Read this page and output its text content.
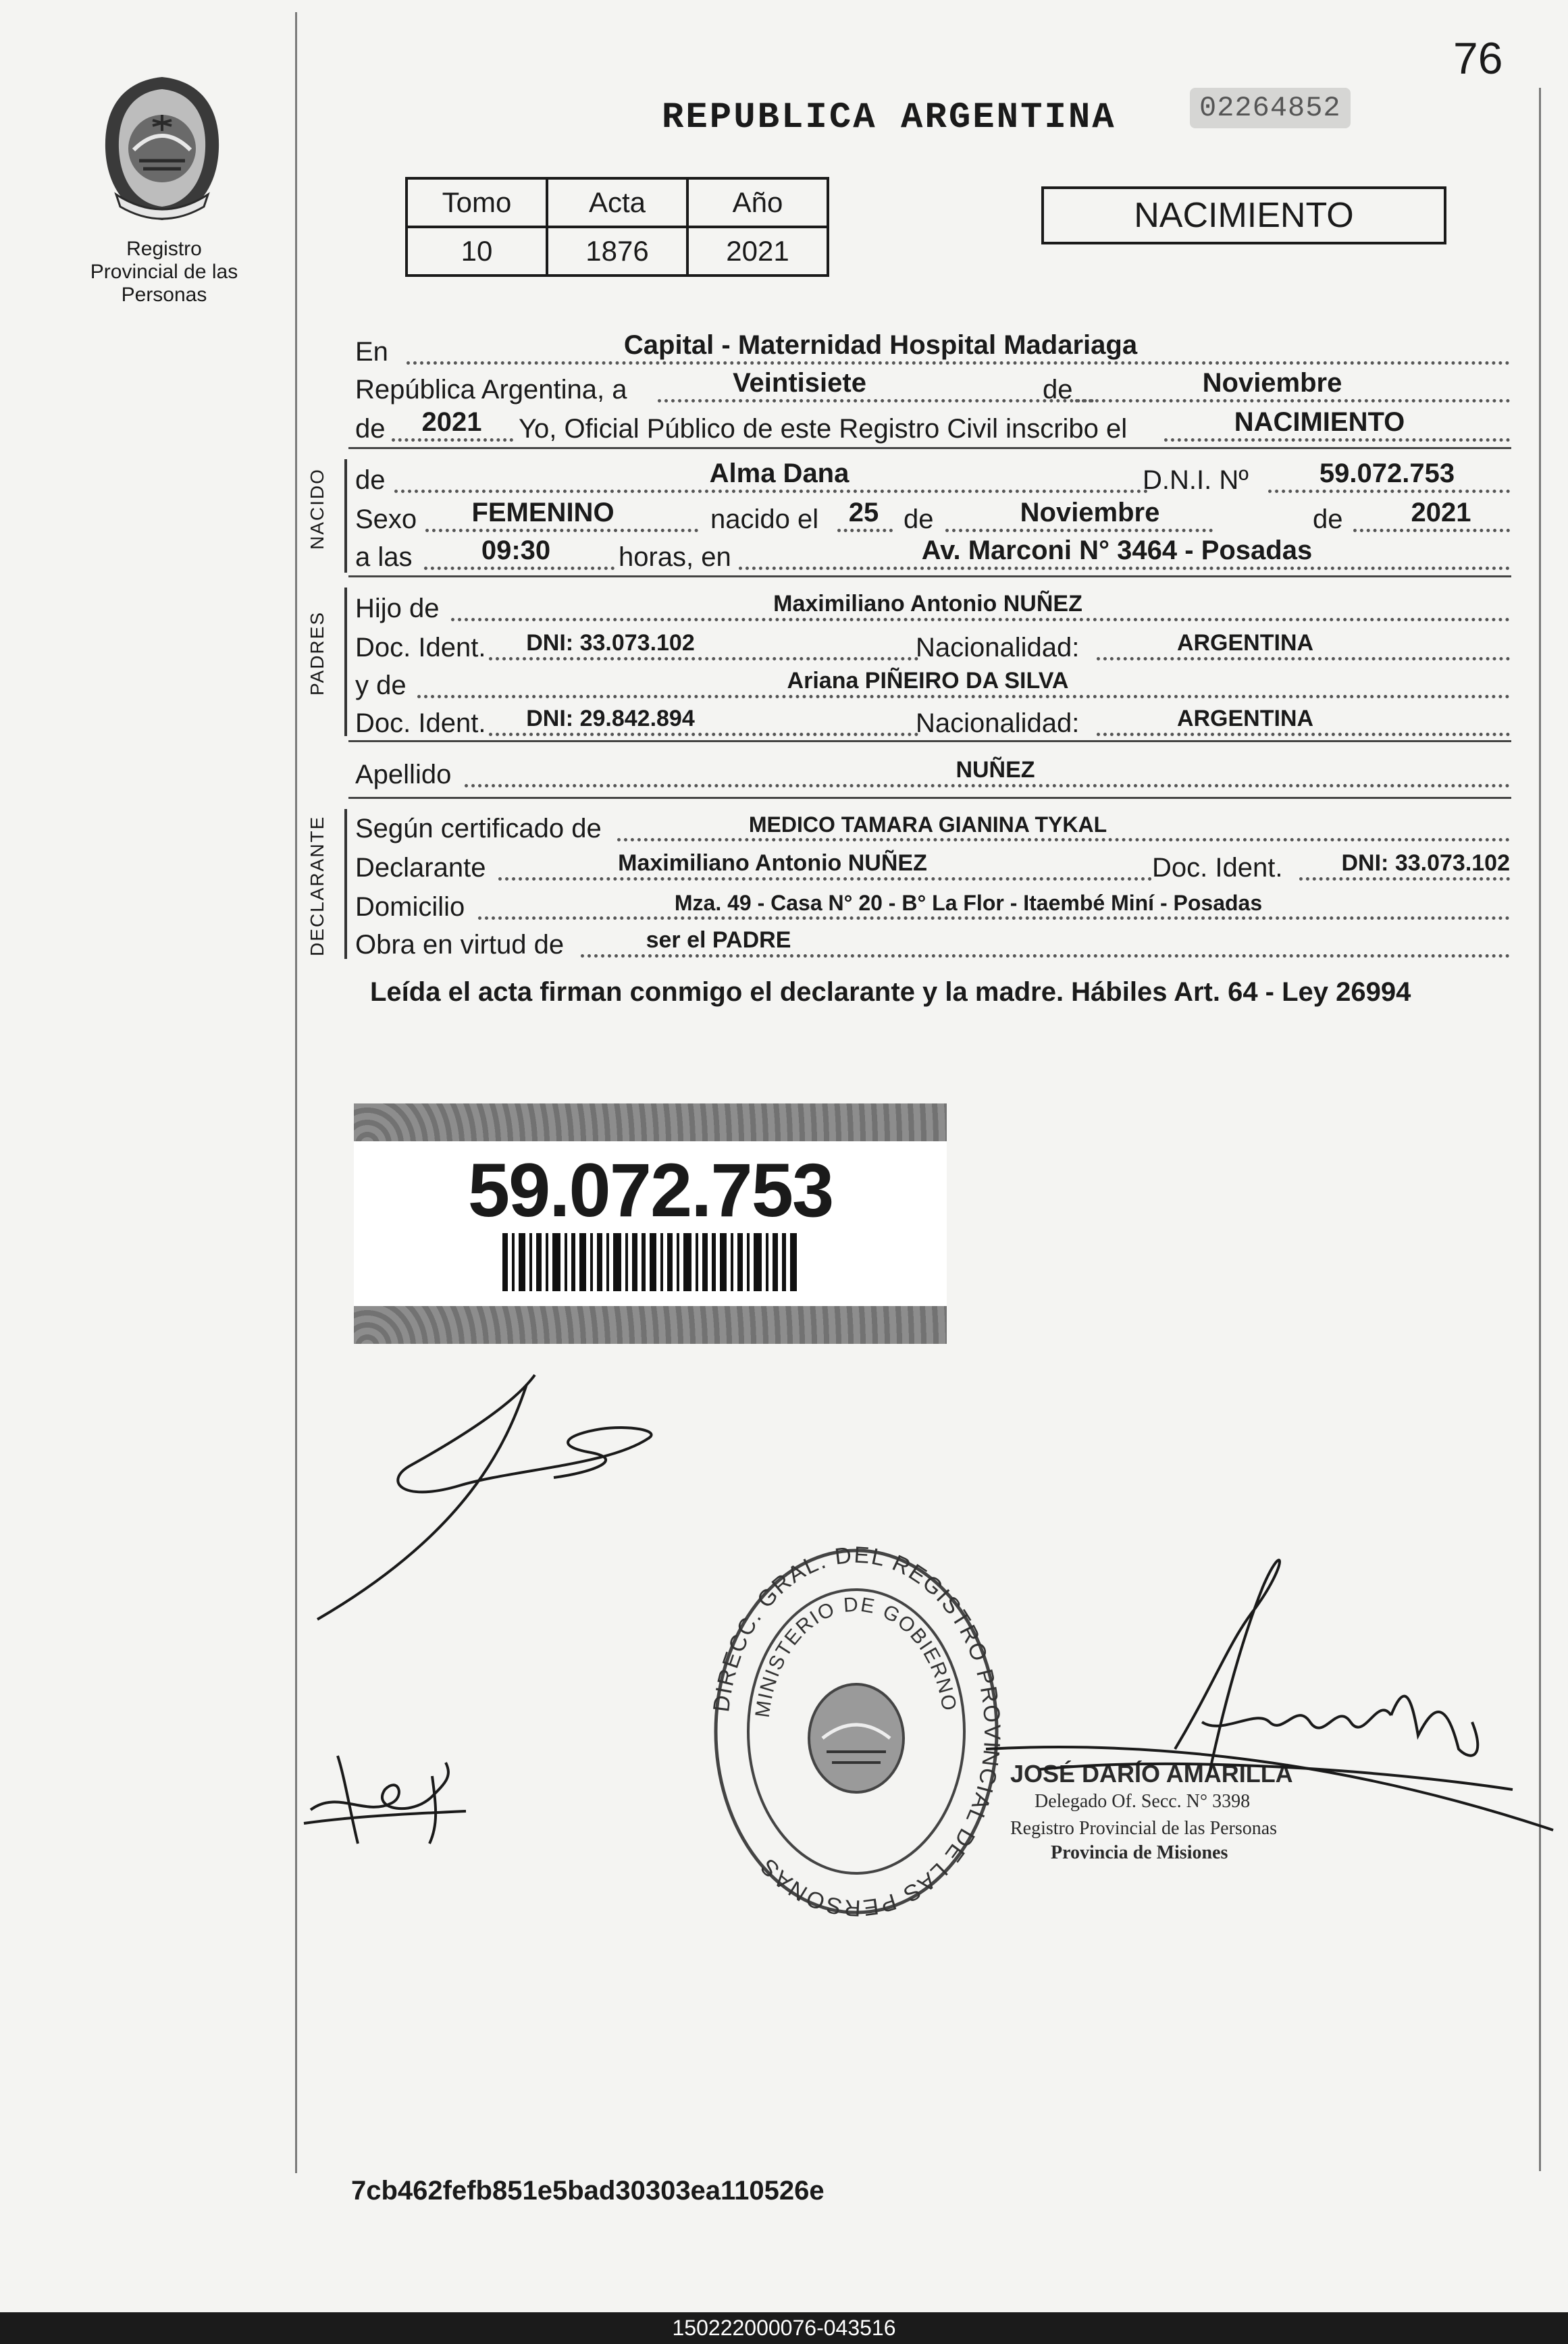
76
Registro Provincial de las Personas
REPUBLICA ARGENTINA	02264852
Tomo	Acta	Año
10	1876	2021
NACIMIENTO
En	Capital - Maternidad Hospital Madariaga
República Argentina, a	Veintisiete	de	Noviembre
de	2021	Yo, Oficial Público de este Registro Civil inscribo el	NACIMIENTO
NACIDO de	Alma Dana	D.N.I. Nº	59.072.753
Sexo	FEMENINO	nacido el	25 de	Noviembre	de	2021
a las	09:30	horas, en	Av. Marconi N° 3464 - Posadas
PADRES
Hijo de	Maximiliano Antonio NUÑEZ
Doc. Ident.	DNI: 33.073.102	Nacionalidad:	ARGENTINA
y de	Ariana PIÑEIRO DA SILVA
Doc. Ident.	DNI: 29.842.894	Nacionalidad:	ARGENTINA
Apellido	NUÑEZ
DECLARANTE Según certificado de	MEDICO TAMARA GIANINA TYKAL
Declarante	Maximiliano Antonio NUÑEZ	Doc. Ident.	DNI: 33.073.102
Domicilio	Mza. 49 - Casa N° 20 - B° La Flor - Itaembé Miní - Posadas
Obra en virtud de	ser el PADRE
Leída el acta firman conmigo el declarante y la madre. Hábiles Art. 64 - Ley 26994
59.072.753
DIRECC. GRAL. DEL REGISTRO PROVINCIAL DE LAS PERSONAS
MINISTERIO DE GOBIERNO
JOSÉ DARÍO AMARILLA
Delegado Of. Secc. N° 3398
Registro Provincial de las Personas
Provincia de Misiones
7cb462fefb851e5bad30303ea110526e
150222000076-043516
